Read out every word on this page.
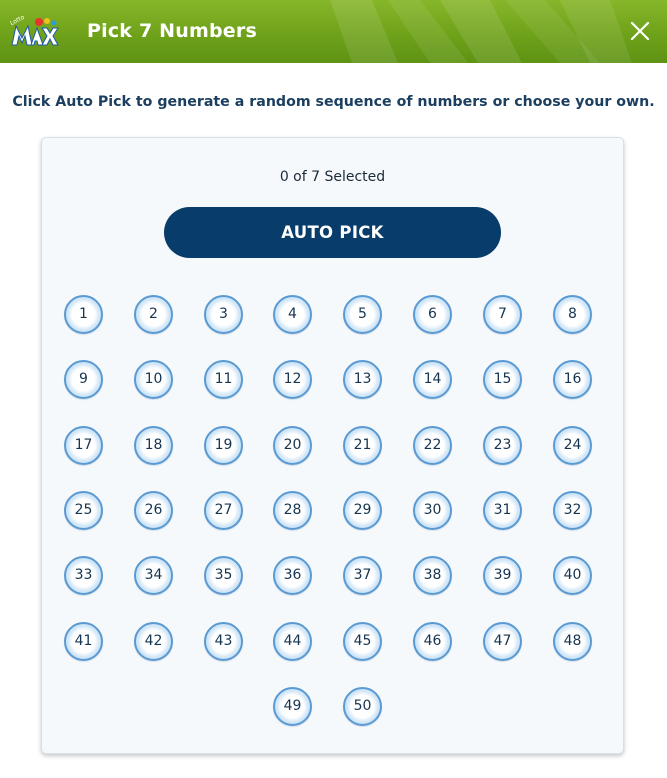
Lotto	Pick 7 Numbers
Click Auto Pick to generate a random sequence of numbers or choose your own.
0 of 7 Selected
AUTO PICK
1	2	3	4	5	6	7	8
9	10	11	12	13	14	15	16
17	18	19	20	21	22	23	24
25	26	27	28	29	30	31	32
33	34	35	36	37	38	39	40
41	42	43	44	45	46	47	48
49	50
